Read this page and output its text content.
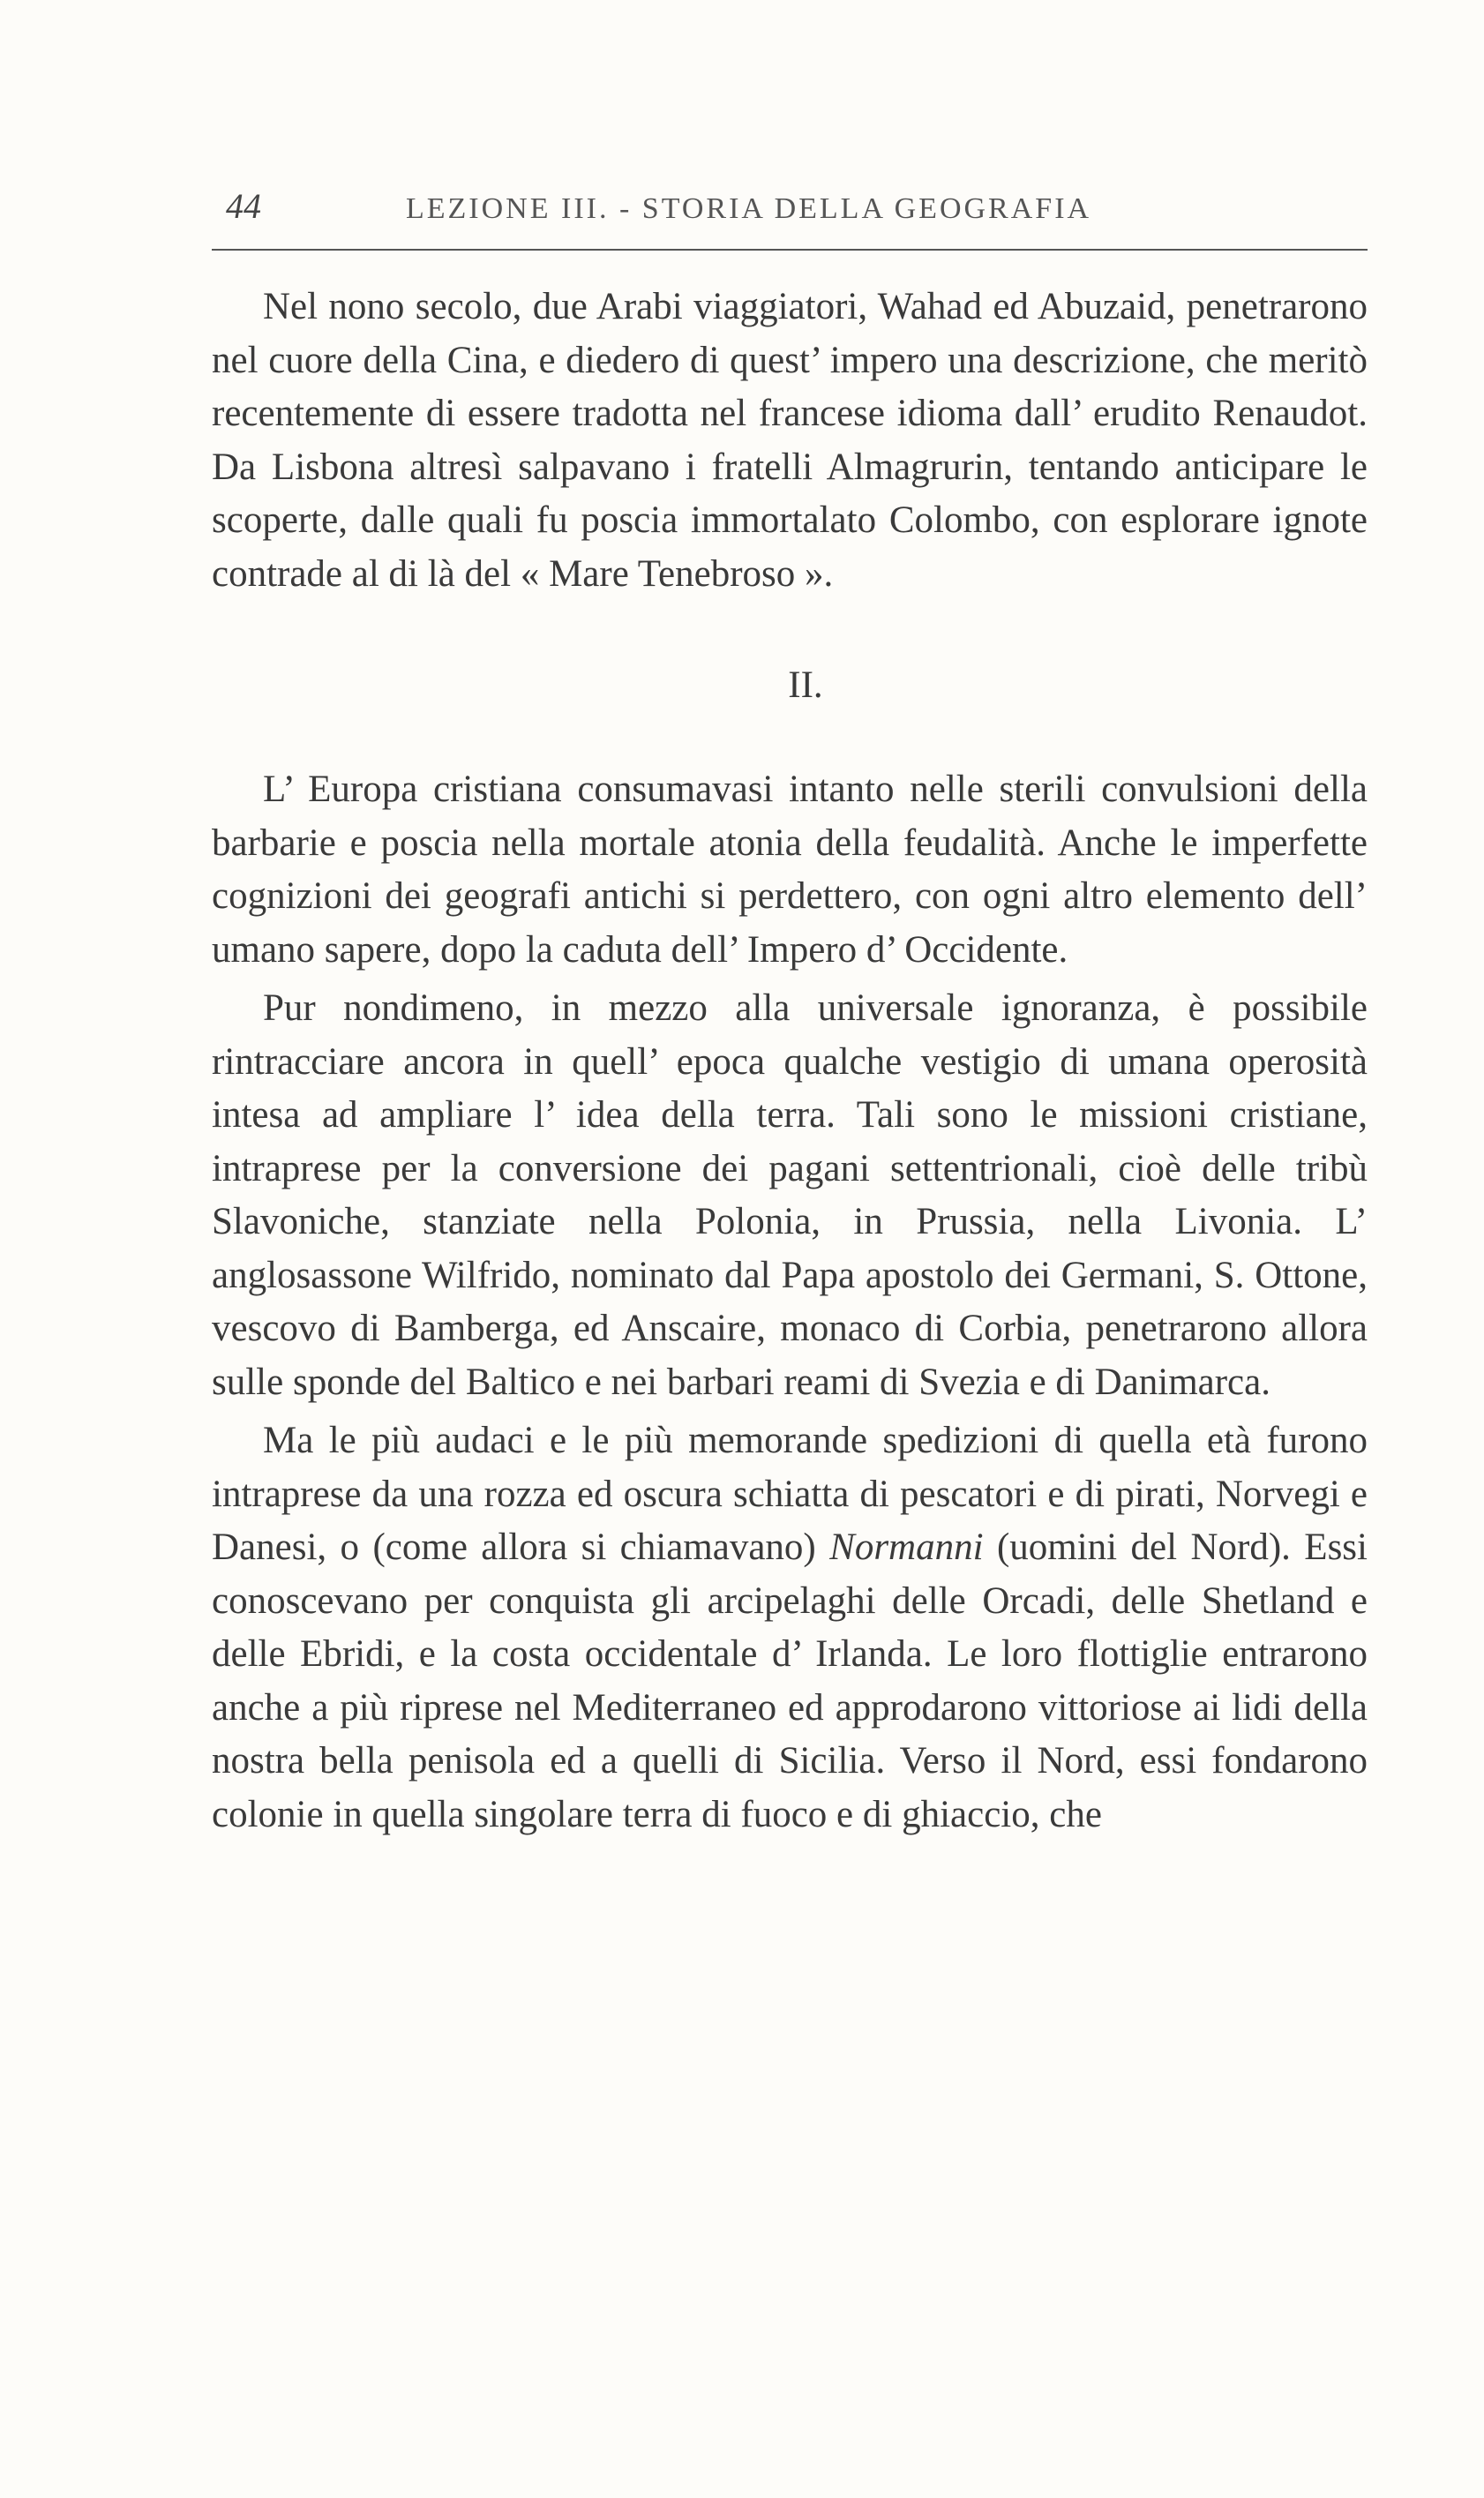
44	LEZIONE III. - STORIA DELLA GEOGRAFIA

Nel nono secolo, due Arabi viaggiatori, Wahad ed Abuzaid, penetrarono nel cuore della Cina, e diedero di quest’ impero una descrizione, che meritò recentemente di essere tradotta nel francese idioma dall’ erudito Renaudot. Da Lisbona altresì salpavano i fratelli Almagrurin, tentando anticipare le scoperte, dalle quali fu poscia immortalato Colombo, con esplorare ignote contrade al di là del « Mare Tenebroso ».

II.

L’ Europa cristiana consumavasi intanto nelle sterili convulsioni della barbarie e poscia nella mortale atonia della feudalità. Anche le imperfette cognizioni dei geografi antichi si perdettero, con ogni altro elemento dell’ umano sapere, dopo la caduta dell’ Impero d’ Occidente.

Pur nondimeno, in mezzo alla universale ignoranza, è possibile rintracciare ancora in quell’ epoca qualche vestigio di umana operosità intesa ad ampliare l’ idea della terra. Tali sono le missioni cristiane, intraprese per la conversione dei pagani settentrionali, cioè delle tribù Slavoniche, stanziate nella Polonia, in Prussia, nella Livonia. L’ anglosassone Wilfrido, nominato dal Papa apostolo dei Germani, S. Ottone, vescovo di Bamberga, ed Anscaire, monaco di Corbia, penetrarono allora sulle sponde del Baltico e nei barbari reami di Svezia e di Danimarca.

Ma le più audaci e le più memorande spedizioni di quella età furono intraprese da una rozza ed oscura schiatta di pescatori e di pirati, Norvegi e Danesi, o (come allora si chiamavano) Normanni (uomini del Nord). Essi conoscevano per conquista gli arcipelaghi delle Orcadi, delle Shetland e delle Ebridi, e la costa occidentale d’ Irlanda. Le loro flottiglie entrarono anche a più riprese nel Mediterraneo ed approdarono vittoriose ai lidi della nostra bella penisola ed a quelli di Sicilia. Verso il Nord, essi fondarono colonie in quella singolare terra di fuoco e di ghiaccio, che
